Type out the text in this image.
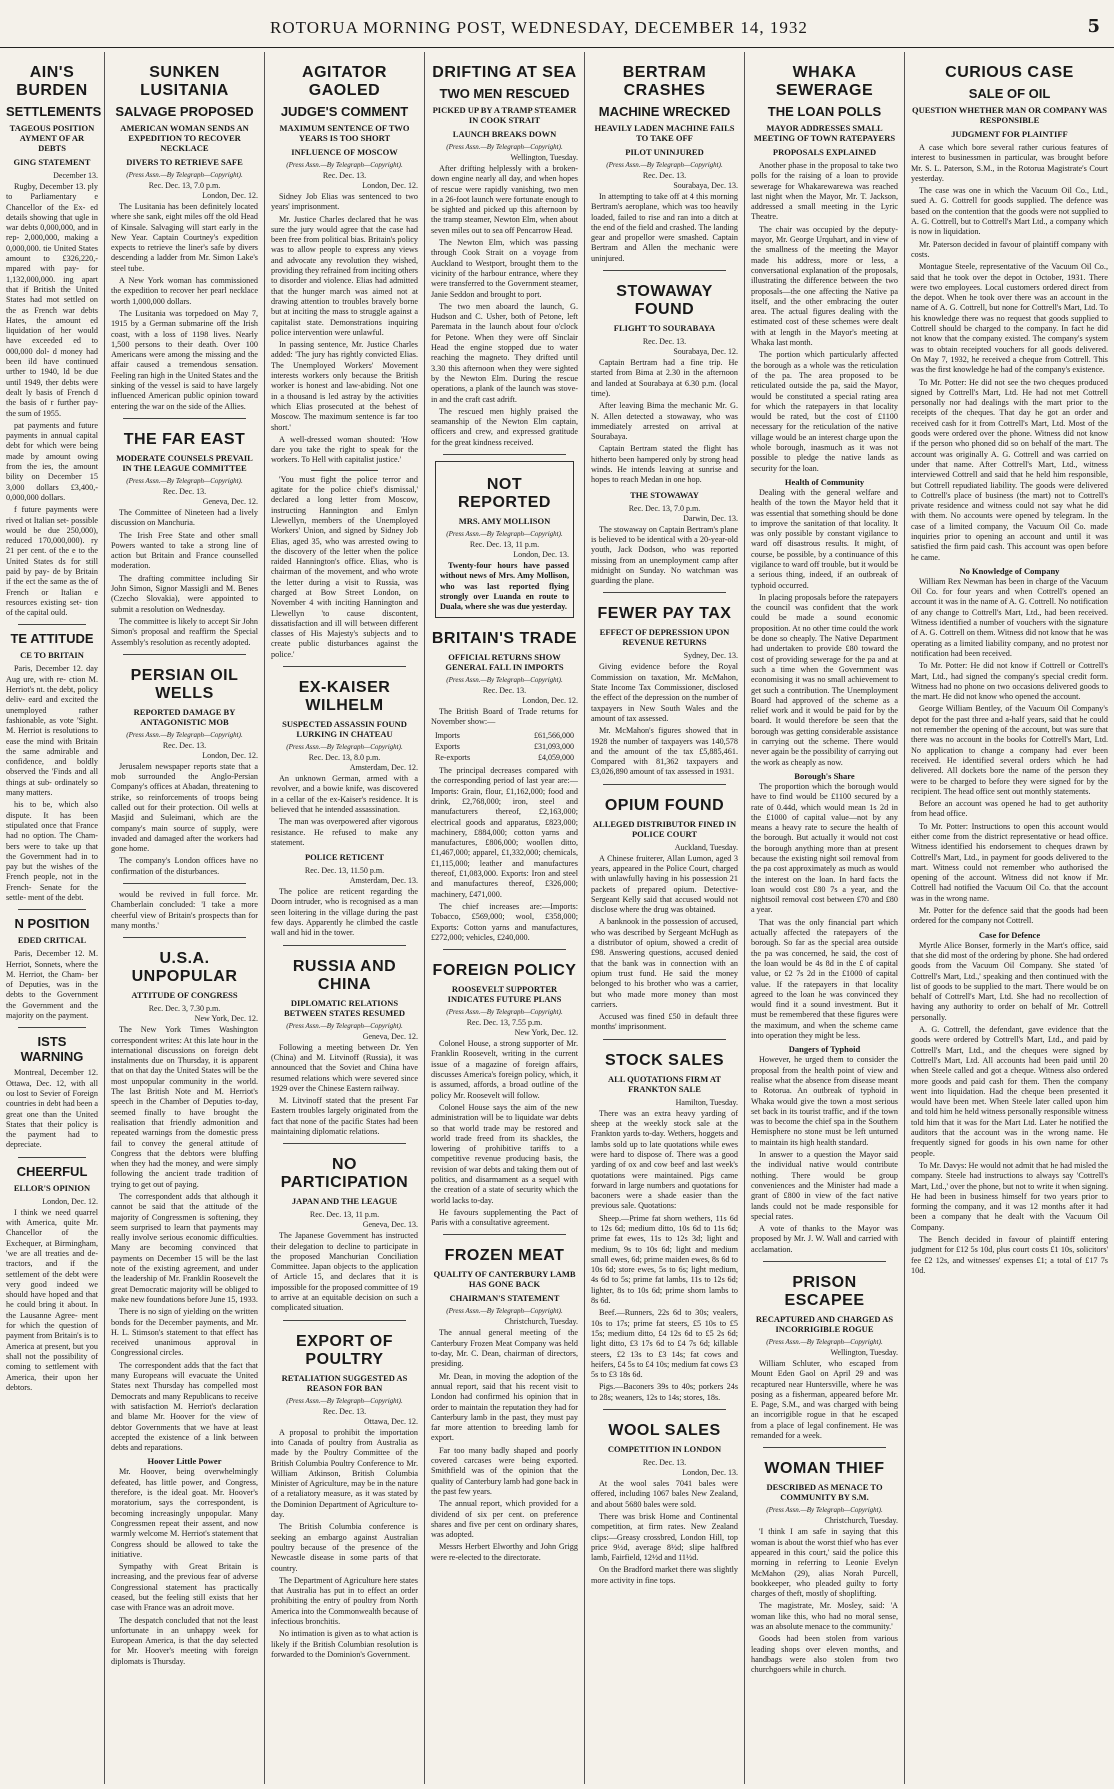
ROTORUA MORNING POST, WEDNESDAY, DECEMBER 14, 1932	5
AIN'S BURDEN
SETTLEMENTS
TAGEOUS POSITION AYMENT OF AR DEBTS
GING STATEMENT
December 13.

Rugby, December 13. ply to Parliamentary e Chancellor of the Ex- ed details showing that ugle in war debts 0,000,000, and in rep- 2,000,000, making a 0,000,000. tie United States amount to £326,220,- mpared with pay- for 1,132,000,000. ing apart that if British the United States had mot settled on the as French war debts Hates, the amount ed liquidation of her would have exceeded ed to 000,000 dol- d money had been ild have continued urther to 1940, ld be due until 1949, ther debts were dealt ly basis of French d the basis of r further pay- the sum of 1955.

pat payments and future payments in annual capital debt for which were being made by amount owing from the ies, the amount bility on December 15 3,000 dollars £3,400,- 0,000,000 dollars.

f future payments were rived ot Italian set- possible would be due 250,000), reduced 170,000,000). ry 21 per cent. of the e to the United States ds for still paid by pay- de by Britain if the ect the same as the of French or Italian e resources existing set- tion of the capital ould.

TE ATTITUDE
CE TO BRITAIN

Paris, December 12. day Aug ure, with re- ction M. Herriot's nt. the debt, policy deliv- eard and excited the unemployed rather fashionable, as vote 'Sight. M. Herriot is resolutions to ease the mind with Britain the same admirable and confidence, and boldly observed the 'Finds and all things at sub- ordinately so many matters.

his to be, which also dispute. It has been stipulated once that France had no option. The Cham- bers were to take up that the Government had in to pay but the wishes of the French people, not in the French- Senate for the settle- ment of the debt.

N POSITION
EDED CRITICAL

Paris, December 12. M. Herriot, Sonnets, where the M. Herriot, the Cham- ber of Deputies, was in the debts to the Government the Government and the majority on the payment.

ISTS WARNING

Montreal, December 12. Ottawa, Dec. 12, with all ou lost to Sevier of Foreign countries in debt had been a great one than the United States that their policy is the payment had to depreciate.

CHEERFUL
ELLOR'S OPINION
London, Dec. 12.

I think we need quarrel with America, quite Mr. Chancellor of the Exchequer, at Birmingham, 'we are all treaties and de- tractors, and if the settlement of the debt were very good indeed we should have hoped and that he could bring it about. In the Lausanne Agree- ment for which the question of payment from Britain's is to America at present, but you shall not the possibility of coming to settlement with America, their upon her debtors.

SUNKEN LUSITANIA
SALVAGE PROPOSED
AMERICAN WOMAN SENDS AN EXPEDITION TO RECOVER NECKLACE
DIVERS TO RETRIEVE SAFE
(Press Assn.—By Telegraph—Copyright).
Rec. Dec. 13, 7.0 p.m.
London, Dec. 12.

The Lusitania has been definitely located where she sank, eight miles off the old Head of Kinsale. Salvaging will start early in the New Year. Captain Courtney's expedition expects to retrieve the liner's safe by divers descending a ladder from Mr. Simon Lake's steel tube.

A New York woman has commissioned the expedition to recover her pearl necklace worth 1,000,000 dollars.

The Lusitania was torpedoed on May 7, 1915 by a German submarine off the Irish coast, with a loss of 1198 lives. Nearly 1,500 persons to their death. Over 100 Americans were among the missing and the affair caused a tremendous sensation. Feeling ran high in the United States and the sinking of the vessel is said to have largely influenced American public opinion toward entering the war on the side of the Allies.

THE FAR EAST
MODERATE COUNSELS PREVAIL IN THE LEAGUE COMMITTEE
(Press Assn.—By Telegraph—Copyright).
Rec. Dec. 13.
Geneva, Dec. 12.

The Committee of Nineteen had a lively discussion on Manchuria.

The Irish Free State and other small Powers wanted to take a strong line of action but Britain and France counselled moderation.

The drafting committee including Sir John Simon, Signor Massigli and M. Benes (Czecho Slovakia), were appointed to submit a resolution on Wednesday.

The committee is likely to accept Sir John Simon's proposal and reaffirm the Special Assembly's resolution as recently adopted.

PERSIAN OIL WELLS
REPORTED DAMAGE BY ANTAGONISTIC MOB
(Press Assn.—By Telegraph—Copyright).
Rec. Dec. 13.
London, Dec. 12.

Jerusalem newspaper reports state that a mob surrounded the Anglo-Persian Company's offices at Abadan, threatening to strike, so reinforcements of troops being called out for their protection. Oil wells at Masjid and Suleimani, which are the company's main source of supply, were invaded and damaged after the workers had gone home.

The company's London offices have no confirmation of the disturbances.

would be revived in full force. Mr. Chamberlain concluded: 'I take a more cheerful view of Britain's prospects than for many months.'

U.S.A. UNPOPULAR
ATTITUDE OF CONGRESS
Rec. Dec. 3, 7.30 p.m.
New York, Dec. 12.

The New York Times Washington correspondent writes: At this late hour in the international discussions on foreign debt instalments due on Thursday, it is apparent that on that day the United States will be the most unpopular community in the world. The last British Note and M. Herriot's speech in the Chamber of Deputies to-day, seemed finally to have brought the realisation that friendly admonition and repeated warnings from the domestic press fail to convey the general attitude of Congress that the debtors were bluffing when they had the money, and were simply following the ancient trade tradition of trying to get out of paying.

The correspondent adds that although it cannot be said that the attitude of the majority of Congressmen is softening, they seem surprised to learn that payments may really involve serious economic difficulties. Many are becoming convinced that payments on December 15 will be the last note of the existing agreement, and under the leadership of Mr. Franklin Roosevelt the great Democratic majority will be obliged to make new foundations before June 15, 1933.

There is no sign of yielding on the written bonds for the December payments, and Mr. H. L. Stimson's statement to that effect has received unanimous approval in Congressional circles.

The correspondent adds that the fact that many Europeans will evacuate the United States next Thursday has compelled most Democrats and many Republicans to receive with satisfaction M. Herriot's declaration and blame Mr. Hoover for the view of debtor Governments that we have at least accepted the existence of a link between debts and reparations.

Hoover Little Power

Mr. Hoover, being overwhelmingly defeated, has little power, and Congress, therefore, is the ideal goat. Mr. Hoover's moratorium, says the correspondent, is becoming increasingly unpopular. Many Congressmen repeat their assent, and now warmly welcome M. Herriot's statement that Congress should be allowed to take the initiative.

Sympathy with Great Britain is increasing, and the previous fear of adverse Congressional statement has practically ceased, but the feeling still exists that her case with France was an adroit move.

The despatch concluded that not the least unfortunate in an unhappy week for European America, is that the day selected for Mr. Hoover's meeting with foreign diplomats is Thursday.

AGITATOR GAOLED
JUDGE'S COMMENT
MAXIMUM SENTENCE OF TWO YEARS IS TOO SHORT
INFLUENCE OF MOSCOW
(Press Assn.—By Telegraph—Copyright).
Rec. Dec. 13.
London, Dec. 12.

Sidney Job Elias was sentenced to two years' imprisonment.

Mr. Justice Charles declared that he was sure the jury would agree that the case had been free from political bias. Britain's policy was to allow people to express any views and advocate any revolution they wished, providing they refrained from inciting others to disorder and violence. Elias had admitted that the hunger march was aimed not at drawing attention to troubles bravely borne but at inciting the mass to struggle against a capitalist state. Demonstrations inquiring police intervention were unlawful.

In passing sentence, Mr. Justice Charles added: 'The jury has rightly convicted Elias. The Unemployed Workers' Movement interests workers only because the British worker is honest and law-abiding. Not one in a thousand is led astray by the activities which Elias prosecuted at the behest of Moscow. The maximum sentence is far too short.'

A well-dressed woman shouted: 'How dare you take the right to speak for the workers. To Hell with capitalist justice.'

'You must fight the police terror and agitate for the police chief's dismissal,' declared a long letter from Moscow, instructing Hannington and Emlyn Llewellyn, members of the Unemployed Workers' Union, and signed by Sidney Job Elias, aged 35, who was arrested owing to the discovery of the letter when the police raided Hannington's office. Elias, who is chairman of the movement, and who wrote the letter during a visit to Russia, was charged at Bow Street London, on November 4 with inciting Hannington and Llewellyn 'to cause discontent, dissatisfaction and ill will between different classes of His Majesty's subjects and to create public disturbances against the police.'

EX-KAISER WILHELM
SUSPECTED ASSASSIN FOUND LURKING IN CHATEAU
(Press Assn.—By Telegraph—Copyright).
Rec. Dec. 13, 8.0 p.m.
Amsterdam, Dec. 12.

An unknown German, armed with a revolver, and a bowie knife, was discovered in a cellar of the ex-Kaiser's residence. It is believed that he intended assassination.

The man was overpowered after vigorous resistance. He refused to make any statement.

POLICE RETICENT
Rec. Dec. 13, 11.50 p.m.
Amsterdam, Dec. 13.

The police are reticent regarding the Doorn intruder, who is recognised as a man seen loitering in the village during the past few days. Apparently he climbed the castle wall and hid in the tower.

RUSSIA AND CHINA
DIPLOMATIC RELATIONS BETWEEN STATES RESUMED
(Press Assn.—By Telegraph—Copyright).
Geneva, Dec. 12.

Following a meeting between Dr. Yen (China) and M. Litvinoff (Russia), it was announced that the Soviet and China have resumed relations which were severed since 1929 over the Chinese Eastern railway.

M. Litvinoff stated that the present Far Eastern troubles largely originated from the fact that none of the pacific States had been maintaining diplomatic relations.

NO PARTICIPATION
JAPAN AND THE LEAGUE
Rec. Dec. 13, 11 p.m.
Geneva, Dec. 13.

The Japanese Government has instructed their delegation to decline to participate in the proposed Manchurian Conciliation Committee. Japan objects to the application of Article 15, and declares that it is impossible for the proposed committee of 19 to arrive at an equitable decision on such a complicated situation.

EXPORT OF POULTRY
RETALIATION SUGGESTED AS REASON FOR BAN
(Press Assn.—By Telegraph—Copyright).
Rec. Dec. 13.
Ottawa, Dec. 12.

A proposal to prohibit the importation into Canada of poultry from Australia as made by the Poultry Committee of the British Columbia Poultry Conference to Mr. William Atkinson, British Columbia Minister of Agriculture, may be in the nature of a retaliatory measure, as it was stated by the Dominion Department of Agriculture to-day.

The British Columbia conference is seeking an embargo against Australian poultry because of the presence of the Newcastle disease in some parts of that country.

The Department of Agriculture here states that Australia has put in to effect an order prohibiting the entry of poultry from North America into the Commonwealth because of infectious bronchitis.

No intimation is given as to what action is likely if the British Columbian resolution is forwarded to the Dominion's Government.

DRIFTING AT SEA
TWO MEN RESCUED
PICKED UP BY A TRAMP STEAMER IN COOK STRAIT
LAUNCH BREAKS DOWN
(Press Assn.—By Telegraph—Copyright).
Wellington, Tuesday.

After drifting helplessly with a broken-down engine nearly all day, and when hopes of rescue were rapidly vanishing, two men in a 26-foot launch were fortunate enough to be sighted and picked up this afternoon by the tramp steamer, Newton Elm, when about seven miles out to sea off Pencarrow Head.

The Newton Elm, which was passing through Cook Strait on a voyage from Auckland to Westport, brought them to the vicinity of the harbour entrance, where they were transferred to the Government steamer, Janie Seddon and brought to port.

The two men aboard the launch, G. Hudson and C. Usher, both of Petone, left Paremata in the launch about four o'clock for Petone. When they were off Sinclair Head the engine stopped due to water reaching the magneto. They drifted until 3.30 this afternoon when they were sighted by the Newton Elm. During the rescue operations, a plank of the launch was stove-in and the craft cast adrift.

The rescued men highly praised the seamanship of the Newton Elm captain, officers and crew, and expressed gratitude for the great kindness received.

NOT REPORTED
MRS. AMY MOLLISON
(Press Assn.—By Telegraph—Copyright).
Rec. Dec. 13, 11 p.m.
London, Dec. 13.

Twenty-four hours have passed without news of Mrs. Amy Mollison, who was last reported flying strongly over Luanda en route to Duala, where she was due yesterday.

BRITAIN'S TRADE
OFFICIAL RETURNS SHOW GENERAL FALL IN IMPORTS
(Press Assn.—By Telegraph—Copyright).
Rec. Dec. 13.
London, Dec. 12.

The British Board of Trade returns for November show:—

Imports	£61,566,000
Exports	£31,093,000
Re-exports	£4,059,000

The principal decreases compared with the corresponding period of last year are:—Imports: Grain, flour, £1,162,000; food and drink, £2,768,000; iron, steel and manufacturers thereof, £2,163,000; electrical goods and apparatus, £823,000; machinery, £884,000; cotton yarns and manufactures, £806,000; woollen ditto, £1,467,000; apparel, £1,332,000; chemicals, £1,115,000; leather and manufactures thereof, £1,083,000. Exports: Iron and steel and manufactures thereof, £326,000; machinery, £471,000.

The chief increases are:—Imports: Tobacco, £569,000; wool, £358,000; Exports: Cotton yarns and manufactures, £272,000; vehicles, £240,000.

FOREIGN POLICY
ROOSEVELT SUPPORTER INDICATES FUTURE PLANS
(Press Assn.—By Telegraph—Copyright).
Rec. Dec. 13, 7.55 p.m.
New York, Dec. 12.

Colonel House, a strong supporter of Mr. Franklin Roosevelt, writing in the current issue of a magazine of foreign affairs, discusses America's foreign policy, which, it is assumed, affords, a broad outline of the policy Mr. Roosevelt will follow.

Colonel House says the aim of the new administration will be to liquidate war debts so that world trade may be restored and world trade freed from its shackles, the lowering of prohibitive tariffs to a competitive revenue producing basis, the revision of war debts and taking them out of politics, and disarmament as a sequel with the creation of a state of security which the world lacks to-day.

He favours supplementing the Pact of Paris with a consultative agreement.

FROZEN MEAT
QUALITY OF CANTERBURY LAMB HAS GONE BACK
CHAIRMAN'S STATEMENT
(Press Assn.—By Telegraph—Copyright).
Christchurch, Tuesday.

The annual general meeting of the Canterbury Frozen Meat Company was held to-day, Mr. C. Dean, chairman of directors, presiding.

Mr. Dean, in moving the adoption of the annual report, said that his recent visit to London had confirmed his opinion that in order to maintain the reputation they had for Canterbury lamb in the past, they must pay far more attention to breeding lamb for export.

Far too many badly shaped and poorly covered carcases were being exported. Smithfield was of the opinion that the quality of Canterbury lamb had gone back in the past few years.

The annual report, which provided for a dividend of six per cent. on preference shares and five per cent on ordinary shares, was adopted.

Messrs Herbert Elworthy and John Grigg were re-elected to the directorate.

BERTRAM CRASHES
MACHINE WRECKED
HEAVILY LADEN MACHINE FAILS TO TAKE OFF
PILOT UNINJURED
(Press Assn.—By Telegraph—Copyright).
Rec. Dec. 13.
Sourabaya, Dec. 13.

In attempting to take off at 4 this morning Bertram's aeroplane, which was too heavily loaded, failed to rise and ran into a ditch at the end of the field and crashed. The landing gear and propellor were smashed. Captain Bertram and Allen the mechanic were uninjured.

STOWAWAY FOUND
FLIGHT TO SOURABAYA
Rec. Dec. 13.
Sourabaya, Dec. 12.

Captain Bertram had a fine trip. He started from Bima at 2.30 in the afternoon and landed at Sourabaya at 6.30 p.m. (local time).

After leaving Bima the mechanic Mr. G. N. Allen detected a stowaway, who was immediately arrested on arrival at Sourabaya.

Captain Bertram stated the flight has hitherto been hampered only by strong head winds. He intends leaving at sunrise and hopes to reach Medan in one hop.

THE STOWAWAY
Rec. Dec. 13, 7.0 p.m.
Darwin, Dec. 13.

The stowaway on Captain Bertram's plane is believed to be identical with a 20-year-old youth, Jack Dodson, who was reported missing from an unemployment camp after midnight on Sunday. No watchman was guarding the plane.

FEWER PAY TAX
EFFECT OF DEPRESSION UPON REVENUE RETURNS
Sydney, Dec. 13.

Giving evidence before the Royal Commission on taxation, Mr. McMahon, State Income Tax Commissioner, disclosed the effect of the depression on the number of taxpayers in New South Wales and the amount of tax assessed.

Mr. McMahon's figures showed that in 1928 the number of taxpayers was 140,578 and the amount of the tax £5,885,461. Compared with 81,362 taxpayers and £3,026,890 amount of tax assessed in 1931.

OPIUM FOUND
ALLEGED DISTRIBUTOR FINED IN POLICE COURT
Auckland, Tuesday.

A Chinese fruiterer, Allan Lumon, aged 3 years, appeared in the Police Court, charged with unlawfully having in his possession 21 packets of prepared opium. Detective-Sergeant Kelly said that accused would not disclose where the drug was obtained.

A banknook in the possession of accused, who was described by Sergeant McHugh as a distributor of opium, showed a credit of £98. Answering questions, accused denied that the bank was in connection with an opium trust fund. He said the money belonged to his brother who was a carrier, but who made more money than most carriers.

Accused was fined £50 in default three months' imprisonment.

STOCK SALES
ALL QUOTATIONS FIRM AT FRANKTON SALE
Hamilton, Tuesday.

There was an extra heavy yarding of sheep at the weekly stock sale at the Frankton yards to-day. Wethers, hoggets and lambs sold up to late quotations while ewes were hard to dispose of. There was a good yarding of ox and cow beef and last week's quotations were maintained. Pigs came forward in large numbers and quotations for baconers were a shade easier than the previous sale. Quotations:

Sheep.—Prime fat shorn wethers, 11s 6d to 12s 6d; medium ditto, 10s 6d to 11s 6d; prime fat ewes, 11s to 12s 3d; light and medium, 9s to 10s 6d; light and medium small ewes, 6d; prime maiden ewes, 8s 6d to 10s 6d; store ewes, 5s to 6s; light medium, 4s 6d to 5s; prime fat lambs, 11s to 12s 6d; lighter, 8s to 10s 6d; prime shorn lambs to 8s 6d.

Beef.—Runners, 22s 6d to 30s; vealers, 10s to 17s; prime fat steers, £5 10s to £5 15s; medium ditto, £4 12s 6d to £5 2s 6d; light ditto, £3 17s 6d to £4 7s 6d; killable steers, £2 13s to £3 14s; fat cows and heifers, £4 5s to £4 10s; medium fat cows £3 5s to £3 18s 6d.

Pigs.—Baconers 39s to 40s; porkers 24s to 28s; weaners, 12s to 14s; stores, 18s.

WOOL SALES
COMPETITION IN LONDON
Rec. Dec. 13.
London, Dec. 13.

At the wool sales 7041 bales were offered, including 1067 bales New Zealand, and about 5680 bales were sold.

There was brisk Home and Continental competition, at firm rates. New Zealand clips:—Greasy crossbred, London Hill, top price 9½d, average 8½d; slipe halfbred lamb, Fairfield, 12½d and 11½d.

On the Bradford market there was slightly more activity in fine tops.

WHAKA SEWERAGE
THE LOAN POLLS
MAYOR ADDRESSES SMALL MEETING OF TOWN RATEPAYERS
PROPOSALS EXPLAINED

Another phase in the proposal to take two polls for the raising of a loan to provide sewerage for Whakarewarewa was reached last night when the Mayor, Mr. T. Jackson, addressed a small meeting in the Lyric Theatre.

The chair was occupied by the deputy-mayor, Mr. George Urquhart, and in view of the smallness of the meeting the Mayor made his address, more or less, a conversational explanation of the proposals, illustrating the difference between the two proposals—the one affecting the Native pa itself, and the other embracing the outer area. The actual figures dealing with the estimated cost of these schemes were dealt with at length in the Mayor's meeting at Whaka last month.

The portion which particularly affected the borough as a whole was the reticulation of the pa. The area proposed to be reticulated outside the pa, said the Mayor, would be constituted a special rating area for which the ratepayers in that locality would be rated, but the cost of £1100 necessary for the reticulation of the native village would be an interest charge upon the whole borough, inasmuch as it was not possible to pledge the native lands as security for the loan.

Health of Community

Dealing with the general welfare and health of the town the Mayor held that it was essential that something should be done to improve the sanitation of that locality. It was only possible by constant vigilance to ward off disastrous results. It might, of course, be possible, by a continuance of this vigilance to ward off trouble, but it would be a serious thing, indeed, if an outbreak of typhoid occurred.

In placing proposals before the ratepayers the council was confident that the work could be made a sound economic proposition. At no other time could the work be done so cheaply. The Native Department had undertaken to provide £80 toward the cost of providing sewerage for the pa and at such a time when the Government was economising it was no small achievement to get such a contribution. The Unemployment Board had approved of the scheme as a relief work and it would be paid for by the board. It would therefore be seen that the borough was getting considerable assistance in carrying out the scheme. There would never again be the possibility of carrying out the work as cheaply as now.

Borough's Share

The proportion which the borough would have to find would be £1100 secured by a rate of 0.44d, which would mean 1s 2d in the £1000 of capital value—not by any means a heavy rate to secure the health of the borough. But actually it would not cost the borough anything more than at present because the existing night soil removal from the pa cost approximately as much as would the interest on the loan. In hard facts the loan would cost £80 7s a year, and the nightsoil removal cost between £70 and £80 a year.

That was the only financial part which actually affected the ratepayers of the borough. So far as the special area outside the pa was concerned, he said, the cost of the loan would be 4s 8d in the £ of capital value, or £2 7s 2d in the £1000 of capital value. If the ratepayers in that locality agreed to the loan he was convinced they would find it a sound investment. But it must be remembered that these figures were the maximum, and when the scheme came into operation they might be less.

Dangers of Typhoid

However, he urged them to consider the proposal from the health point of view and realise what the absence from disease meant to Rotorua. An outbreak of typhoid in Whaka would give the town a most serious set back in its tourist traffic, and if the town was to become the chief spa in the Southern Hemisphere no stone must be left unturned to maintain its high health standard.

In answer to a question the Mayor said the individual native would contribute nothing. There would be group conveniences and the Minister had made a grant of £800 in view of the fact native lands could not be made responsible for special rates.

A vote of thanks to the Mayor was proposed by Mr. J. W. Wall and carried with acclamation.

PRISON ESCAPEE
RECAPTURED AND CHARGED AS INCORRIGIBLE ROGUE
(Press Assn.—By Telegraph—Copyright).
Wellington, Tuesday.

William Schluter, who escaped from Mount Eden Gaol on April 29 and was recaptured near Huntersville, where he was posing as a fisherman, appeared before Mr. E. Page, S.M., and was charged with being an incorrigible rogue in that he escaped from a place of legal confinement. He was remanded for a week.

WOMAN THIEF
DESCRIBED AS MENACE TO COMMUNITY BY S.M.
(Press Assn.—By Telegraph—Copyright).
Christchurch, Tuesday.

'I think I am safe in saying that this woman is about the worst thief who has ever appeared in this court,' said the police this morning in referring to Leonie Evelyn McMahon (29), alias Norah Purcell, bookkeeper, who pleaded guilty to forty charges of theft, mostly of shoplifting.

The magistrate, Mr. Mosley, said: 'A woman like this, who had no moral sense, was an absolute menace to the community.'

Goods had been stolen from various leading shops over eleven months, and handbags were also stolen from two churchgoers while in church.

CURIOUS CASE
SALE OF OIL
QUESTION WHETHER MAN OR COMPANY WAS RESPONSIBLE
JUDGMENT FOR PLAINTIFF

A case which bore several rather curious features of interest to businessmen in particular, was brought before Mr. S. L. Paterson, S.M., in the Rotorua Magistrate's Court yesterday.

The case was one in which the Vacuum Oil Co., Ltd., sued A. G. Cottrell for goods supplied. The defence was based on the contention that the goods were not supplied to A. G. Cottrell, but to Cottrell's Mart Ltd., a company which is now in liquidation.

Mr. Paterson decided in favour of plaintiff company with costs.

Montague Steele, representative of the Vacuum Oil Co., said that he took over the depot in October, 1931. There were two employees. Local customers ordered direct from the depot. When he took over there was an account in the name of A. G. Cottrell, but none for Cottrell's Mart, Ltd. To his knowledge there was no request that goods supplied to Cottrell should be charged to the company. In fact he did not know that the company existed. The company's system was to obtain receipted vouchers for all goods delivered. On May 7, 1932, he received a cheque from Cottrell. This was the first knowledge he had of the company's existence.

To Mr. Potter: He did not see the two cheques produced signed by Cottrell's Mart, Ltd. He had not met Cottrell personally nor had dealings with the mart prior to the receipts of the cheques. That day he got an order and received cash for it from Cottrell's Mart, Ltd. Most of the goods were ordered over the phone. Witness did not know if the person who phoned did so on behalf of the mart. The account was originally A. G. Cottrell and was carried on under that name. After Cottrell's Mart, Ltd., witness interviewed Cottrell and said that he held him responsible, but Cottrell repudiated liability. The goods were delivered to Cottrell's place of business (the mart) not to Cottrell's private residence and witness could not say what he did with them. No accounts were opened by telegram. In the case of a limited company, the Vacuum Oil Co. made inquiries prior to opening an account and until it was satisfied the firm paid cash. This account was open before he came.

No Knowledge of Company

William Rex Newman has been in charge of the Vacuum Oil Co. for four years and when Cottrell's opened an account it was in the name of A. G. Cottrell. No notification of any change to Cottrell's Mart, Ltd., had been received. Witness identified a number of vouchers with the signature of A. G. Cottrell on them. Witness did not know that he was operating as a limited liability company, and no protest nor notification had been received.

To Mr. Potter: He did not know if Cottrell or Cottrell's Mart, Ltd., had signed the company's special credit form. Witness had no phone on two occasions delivered goods to the mart. He did not know who opened the account.

George William Bentley, of the Vacuum Oil Company's depot for the past three and a-half years, said that he could not remember the opening of the account, but was sure that there was no account in the books for Cottrell's Mart, Ltd. No application to change a company had ever been received. He identified several orders which he had delivered. All dockets bore the name of the person they were to be charged to before they were signed for by the recipient. The head office sent out monthly statements.

Before an account was opened he had to get authority from head office.

To Mr. Potter: Instructions to open this account would either come from the district representative or head office. Witness identified his endorsement to cheques drawn by Cottrell's Mart, Ltd., in payment for goods delivered to the mart. Witness could not remember who authorised the opening of the account. Witness did not know if Mr. Cottrell had notified the Vacuum Oil Co. that the account was in the wrong name.

Mr. Potter for the defence said that the goods had been ordered for the company not Cottrell.

Case for Defence

Myrtle Alice Bonser, formerly in the Mart's office, said that she did most of the ordering by phone. She had ordered goods from the Vacuum Oil Company. She stated 'of Cottrell's Mart, Ltd.,' speaking and then continued with the list of goods to be supplied to the mart. There would be on behalf of Cottrell's Mart, Ltd. She had no recollection of having any authority to order on behalf of Mr. Cottrell personally.

A. G. Cottrell, the defendant, gave evidence that the goods were ordered by Cottrell's Mart, Ltd., and paid by Cottrell's Mart, Ltd., and the cheques were signed by Cottrell's Mart, Ltd. All accounts had been paid until 20 when Steele called and got a cheque. Witness also ordered more goods and paid cash for them. Then the company went into liquidation. Had the cheque been presented it would have been met. When Steele later called upon him and told him he held witness personally responsible witness told him that it was for the Mart Ltd. Later he notified the auditors that the account was in the wrong name. He frequently signed for goods in his own name for other people.

To Mr. Davys: He would not admit that he had misled the company. Steele had instructions to always say 'Cottrell's Mart, Ltd.,' over the phone, but not to write it when signing. He had been in business himself for two years prior to forming the company, and it was 12 months after it had been a company that he dealt with the Vacuum Oil Company.

The Bench decided in favour of plaintiff entering judgment for £12 5s 10d, plus court costs £1 10s, solicitors' fee £2 12s, and witnesses' expenses £1; a total of £17 7s 10d.
